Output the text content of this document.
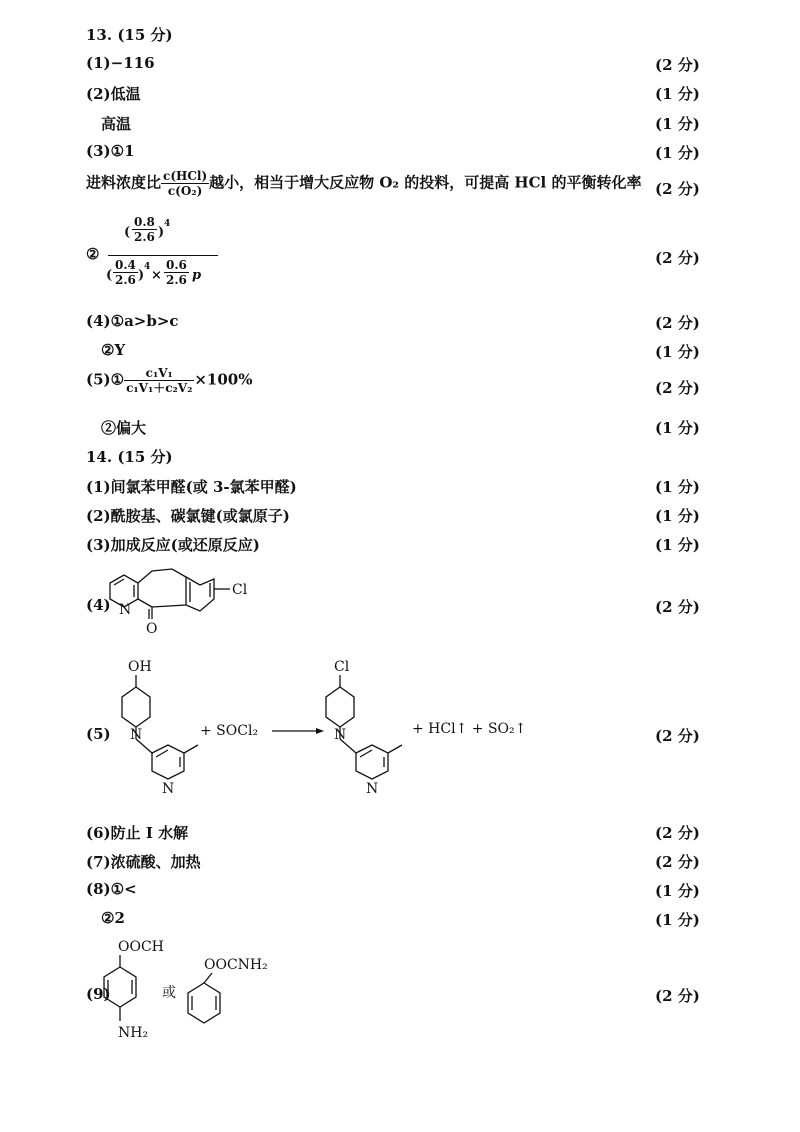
13. (15 分)
(1)−116	(2 分)
(2)低温	(1 分)
高温	(1 分)
(3)①1	(1 分)
进料浓度比 $\frac{\text{c(HCl)}}{\text{c(O₂)}}$ 越小，相当于增大反应物 O₂ 的投料，可提高 HCl 的平衡转化率 (2 分)
②
( $\frac{0.8}{2.6}$ )
4
( $\frac{0.4}{2.6}$ )
4
× $\frac{0.6}{2.6}$ p
(2 分)
(4)①a>b>c	(2 分)
②Y	(1 分)
(5)① $\frac{\text{c₁V₁}}{\text{c₁V₁＋c₂V₂}} \times 100\%$	(2 分)
②偏大	(1 分)
14. (15 分)
(1)间氯苯甲醛(或 3-氯苯甲醛)	(1 分)
(2)酰胺基、碳氯键(或氯原子)	(1 分)
(3)加成反应(或还原反应)	(1 分)
(4) N
O
Cl
(2 分)
(5)
OH
N
N
+ SOCl₂
Cl
N
N
+ HCl↑ + SO₂↑	(2 分)
(6)防止 I 水解	(2 分)
(7)浓硫酸、加热	(2 分)
(8)①<	(1 分)
②2	(1 分)
(9)
OOCH
NH₂
或
OOCNH₂
(2 分)
